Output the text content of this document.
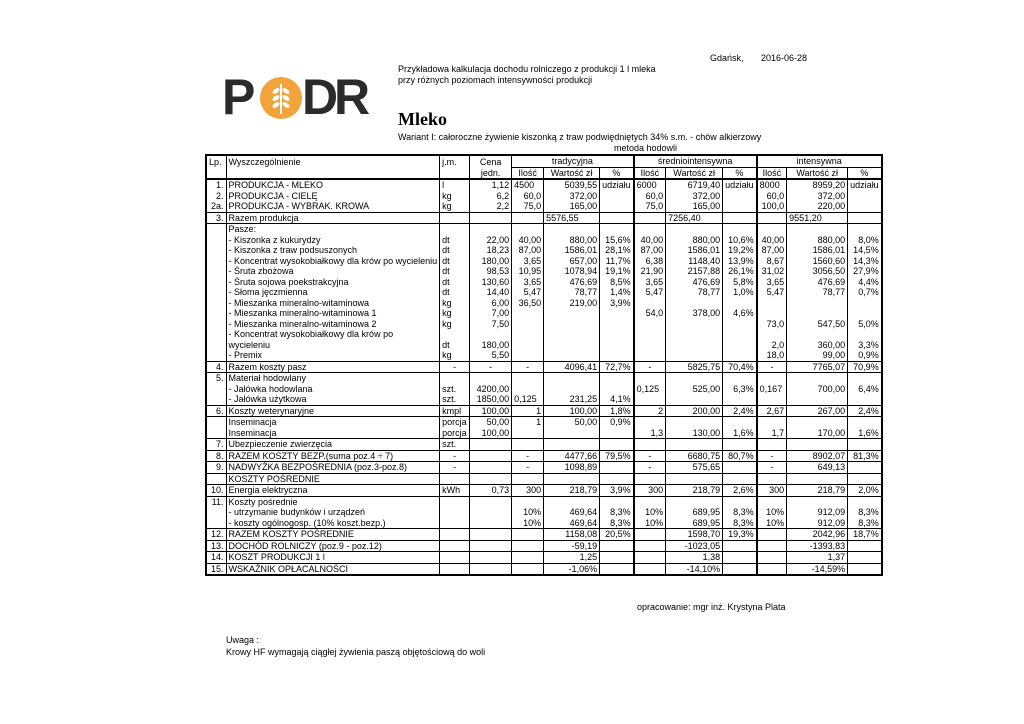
Gdańsk, 2016-06-28
P D
R	Przykładowa kalkulacja dochodu rolniczego z produkcji 1 l mleka
przy różnych poziomach intensywności produkcji
Mleko
Wariant I: całoroczne żywienie kiszonką z traw podwiędniętych 34% s.m. - chów alkierzowy
metoda hodowli
Lp.	Wyszczególnienie	j.m.	Cena	tradycyjna			średniointensywna			intensywna		
			jedn.	Ilość	Wartość zł	%	Ilość	Wartość zł	%	Ilość	Wartość zł	%
1.	PRODUKCJA - MLEKO	l	1,12	4500	5039,55	udziału	6000	6719,40	udziału	8000	8959,20	udziału
2.	PRODUKCJA - CIELĘ	kg	6,2	60,0	372,00		60,0	372,00		60,0	372,00	
2a.	PRODUKCJA - WYBRAK. KROWA	kg	2,2	75,0	165,00		75,0	165,00		100,0	220,00	
3.	Razem produkcja				5576,55			7256,40			9551,20	
	Pasze:											
	- Kiszonka z kukurydzy	dt	22,00	40,00	880,00	15,6%	40,00	880,00	10,6%	40,00	880,00	8,0%
	- Kiszonka z traw podsuszonych	dt	18,23	87,00	1586,01	28,1%	87,00	1586,01	19,2%	87,00	1586,01	14,5%
	- Koncentrat wysokobiałkowy dla krów po wycieleniu	dt	180,00	3,65	657,00	11,7%	6,38	1148,40	13,9%	8,67	1560,60	14,3%
	- Śruta zbożowa	dt	98,53	10,95	1078,94	19,1%	21,90	2157,88	26,1%	31,02	3056,50	27,9%
	- Śruta sojowa poekstrakcyjna	dt	130,60	3,65	476,69	8,5%	3,65	476,69	5,8%	3,65	476,69	4,4%
	- Słoma jęczmienna	dt	14,40	5,47	78,77	1,4%	5,47	78,77	1,0%	5,47	78,77	0,7%
	- Mieszanka mineralno-witaminowa	kg	6,00	36,50	219,00	3,9%						
	- Mieszanka mineralno-witaminowa 1	kg	7,00				54,0	378,00	4,6%			
	- Mieszanka mineralno-witaminowa 2	kg	7,50							73,0	547,50	5,0%
	- Koncentrat wysokobiałkowy dla krów po											
	wycieleniu	dt	180,00							2,0	360,00	3,3%
	- Premix	kg	5,50							18,0	99,00	0,9%
4.	Razem koszty pasz	-	-	-	4096,41	72,7%	-	5825,75	70,4%	-	7765,07	70,9%
5.	Materiał hodowlany											
	- Jałówka hodowlana	szt.	4200,00				0,125	525,00	6,3%	0,167	700,00	6,4%
	- Jałówka użytkowa	szt.	1850,00	0,125	231,25	4,1%						
6.	Koszty weterynaryjne	kmpl	100,00	1	100,00	1,8%	2	200,00	2,4%	2,67	267,00	2,4%
	Inseminacja	porcja	50,00	1	50,00	0,9%						
	Inseminacja	porcja	100,00				1,3	130,00	1,6%	1,7	170,00	1,6%
7.	Ubezpieczenie zwierzęcia	szt.										
8.	RAZEM KOSZTY BEZP.(suma poz.4 ÷ 7)	-		-	4477,66	79,5%	-	6680,75	80,7%	-	8902,07	81,3%
9.	NADWYŻKA BEZPOŚREDNIA (poz.3-poz.8)	-		-	1098,89		-	575,65		-	649,13	
	KOSZTY POŚREDNIE											
10.	Energia elektryczna	kWh	0,73	300	218,79	3,9%	300	218,79	2,6%	300	218,79	2,0%
11.	Koszty pośrednie											
	- utrzymanie budynków i urządzeń			10%	469,64	8,3%	10%	689,95	8,3%	10%	912,09	8,3%
	- koszty ogólnogosp. (10% koszt.bezp.)			10%	469,64	8,3%	10%	689,95	8,3%	10%	912,09	8,3%
12.	RAZEM KOSZTY POŚREDNIE				1158,08	20,5%		1598,70	19,3%		2042,96	18,7%
13.	DOCHÓD ROLNICZY (poz.9 - poz.12)				-59,19			-1023,05			-1393,83	
14.	KOSZT PRODUKCJI 1 l				1,25			1,38			1,37	
15.	WSKAŹNIK OPŁACALNOŚCI				-1,06%			-14,10%			-14,59%	
opracowanie: mgr inż. Krystyna Plata
Uwaga :
Krowy HF wymagają ciągłej żywienia paszą objętościową do woli
